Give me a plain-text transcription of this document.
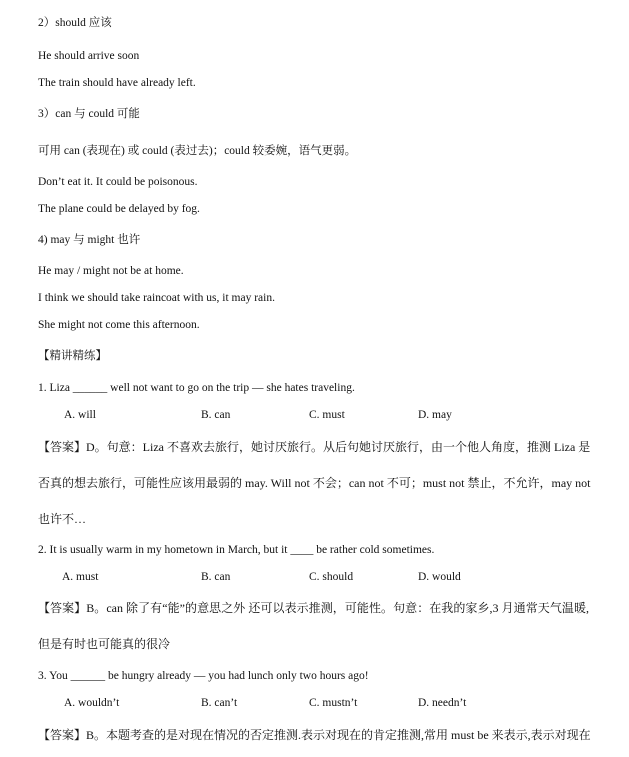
2）should 应该
He should arrive soon
The train should have already left.
3）can 与 could 可能
可用 can (表现在) 或 could (表过去)；could 较委婉，语气更弱。
Don’t eat it. It could be poisonous.
The plane could be delayed by fog.
4) may 与 might 也许
He may / might not be at home.
I think we should take raincoat with us, it may rain.
She might not come this afternoon.
【精讲精练】
1. Liza ______ well not want to go on the trip — she hates traveling.
A. will	B. can	C. must	D. may
【答案】D。句意：Liza 不喜欢去旅行，她讨厌旅行。从后句她讨厌旅行，由一个他人角度，推测 Liza 是
否真的想去旅行，可能性应该用最弱的 may. Will not 不会；can not 不可；must not 禁止，不允许，may not
也许不…
2. It is usually warm in my hometown in March, but it ____ be rather cold sometimes.
A. must	B. can	C. should	D. would
【答案】B。can 除了有“能”的意思之外 还可以表示推测，可能性。句意：在我的家乡,3 月通常天气温暖,
但是有时也可能真的很冷
3. You ______ be hungry already — you had lunch only two hours ago!
A. wouldn’t	B. can’t	C. mustn’t	D. needn’t
【答案】B。本题考查的是对现在情况的否定推测.表示对现在的肯定推测,常用 must be 来表示,表示对现在
